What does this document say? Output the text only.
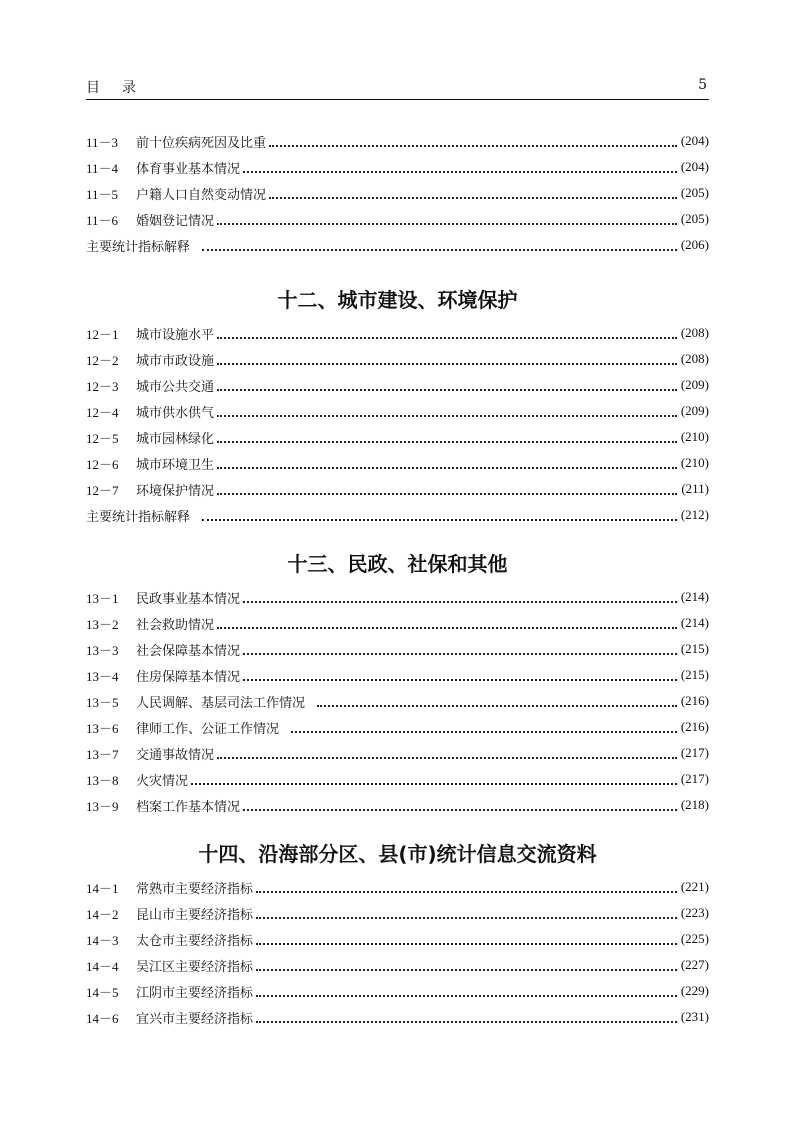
目录	5
11－3	前十位疾病死因及比重	(204)
11－4	体育事业基本情况	(204)
11－5	户籍人口自然变动情况	(205)
11－6	婚姻登记情况	(205)
主要统计指标解释	(206)
十二、城市建设、环境保护
12－1	城市设施水平	(208)
12－2	城市市政设施	(208)
12－3	城市公共交通	(209)
12－4	城市供水供气	(209)
12－5	城市园林绿化	(210)
12－6	城市环境卫生	(210)
12－7	环境保护情况	(211)
主要统计指标解释	(212)
十三、民政、社保和其他
13－1	民政事业基本情况	(214)
13－2	社会救助情况	(214)
13－3	社会保障基本情况	(215)
13－4	住房保障基本情况	(215)
13－5	人民调解、基层司法工作情况	(216)
13－6	律师工作、公证工作情况	(216)
13－7	交通事故情况	(217)
13－8	火灾情况	(217)
13－9	档案工作基本情况	(218)
十四、沿海部分区、县(市)统计信息交流资料
14－1	常熟市主要经济指标	(221)
14－2	昆山市主要经济指标	(223)
14－3	太仓市主要经济指标	(225)
14－4	吴江区主要经济指标	(227)
14－5	江阴市主要经济指标	(229)
14－6	宜兴市主要经济指标	(231)
